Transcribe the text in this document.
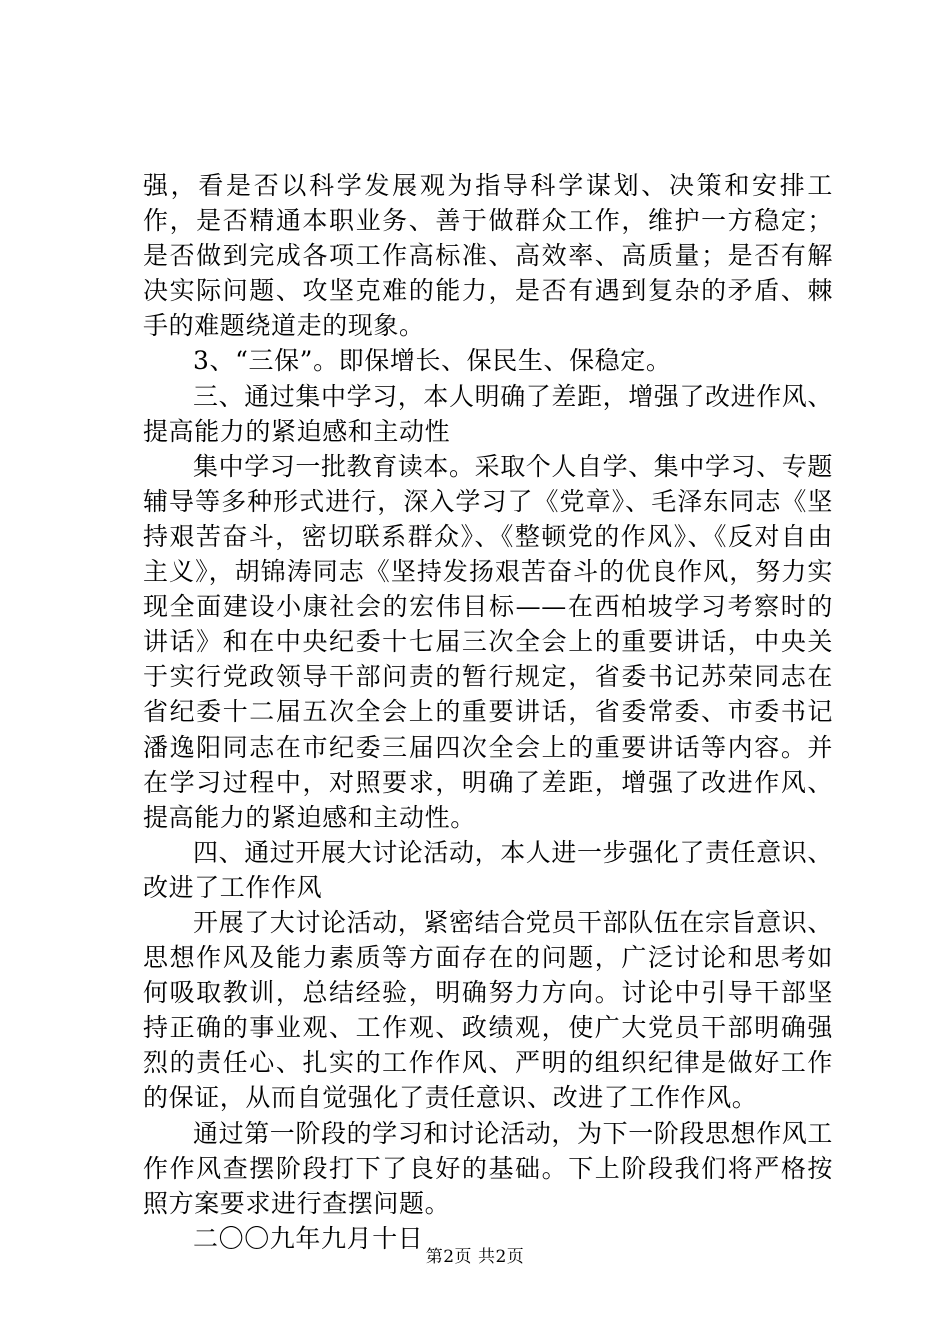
强，看是否以科学发展观为指导科学谋划、决策和安排工作，是否精通本职业务、善于做群众工作，维护一方稳定；是否做到完成各项工作高标准、高效率、高质量；是否有解决实际问题、攻坚克难的能力，是否有遇到复杂的矛盾、棘手的难题绕道走的现象。

3、“三保”。即保增长、保民生、保稳定。

三、通过集中学习，本人明确了差距，增强了改进作风、提高能力的紧迫感和主动性

集中学习一批教育读本。采取个人自学、集中学习、专题辅导等多种形式进行，深入学习了《党章》、毛泽东同志《坚持艰苦奋斗，密切联系群众》、《整顿党的作风》、《反对自由主义》，胡锦涛同志《坚持发扬艰苦奋斗的优良作风，努力实现全面建设小康社会的宏伟目标——在西柏坡学习考察时的讲话》和在中央纪委十七届三次全会上的重要讲话，中央关于实行党政领导干部问责的暂行规定，省委书记苏荣同志在省纪委十二届五次全会上的重要讲话，省委常委、市委书记潘逸阳同志在市纪委三届四次全会上的重要讲话等内容。并在学习过程中，对照要求，明确了差距，增强了改进作风、提高能力的紧迫感和主动性。

四、通过开展大讨论活动，本人进一步强化了责任意识、改进了工作作风

开展了大讨论活动，紧密结合党员干部队伍在宗旨意识、思想作风及能力素质等方面存在的问题，广泛讨论和思考如何吸取教训，总结经验，明确努力方向。讨论中引导干部坚持正确的事业观、工作观、政绩观，使广大党员干部明确强烈的责任心、扎实的工作作风、严明的组织纪律是做好工作的保证，从而自觉强化了责任意识、改进了工作作风。

通过第一阶段的学习和讨论活动，为下一阶段思想作风工作作风查摆阶段打下了良好的基础。下上阶段我们将严格按照方案要求进行查摆问题。

二〇〇九年九月十日

第2页 共2页
